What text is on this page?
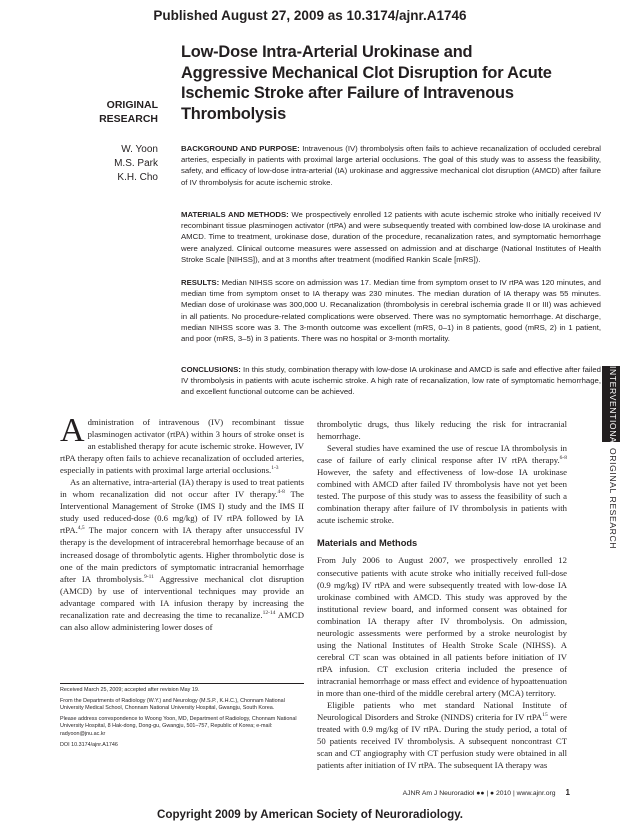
Published August 27, 2009 as 10.3174/ajnr.A1746
ORIGINAL
RESEARCH
W. Yoon
M.S. Park
K.H. Cho
Low-Dose Intra-Arterial Urokinase and
Aggressive Mechanical Clot Disruption for Acute
Ischemic Stroke after Failure of Intravenous
Thrombolysis
BACKGROUND AND PURPOSE: Intravenous (IV) thrombolysis often fails to achieve recanalization of occluded cerebral arteries, especially in patients with proximal large arterial occlusions. The goal of this study was to assess the feasibility, safety, and efficacy of low-dose intra-arterial (IA) urokinase and aggressive mechanical clot disruption (AMCD) after failure of IV thrombolysis for acute ischemic stroke.
MATERIALS AND METHODS: We prospectively enrolled 12 patients with acute ischemic stroke who initially received IV recombinant tissue plasminogen activator (rtPA) and were subsequently treated with combined low-dose IA urokinase and AMCD. Time to treatment, urokinase dose, duration of the procedure, recanalization rates, and symptomatic hemorrhage were analyzed. Clinical outcome measures were assessed on admission and at discharge (National Institutes of Health Stroke Scale [NIHSS]), and at 3 months after treatment (modified Rankin Scale [mRS]).
RESULTS: Median NIHSS score on admission was 17. Median time from symptom onset to IV rtPA was 120 minutes, and median time from symptom onset to IA therapy was 230 minutes. The median duration of IA therapy was 55 minutes. Median dose of urokinase was 300,000 U. Recanalization (thrombolysis in cerebral ischemia grade II or III) was achieved in all patients. No procedure-related complications were observed. There was no symptomatic hemorrhage. At discharge, median NIHSS score was 3. The 3-month outcome was excellent (mRS, 0–1) in 8 patients, good (mRS, 2) in 1 patient, and poor (mRS, 3–5) in 3 patients. There was no hospital or 3-month mortality.
CONCLUSIONS: In this study, combination therapy with low-dose IA urokinase and AMCD is safe and effective after failed IV thrombolysis in patients with acute ischemic stroke. A high rate of recanalization, low rate of symptomatic hemorrhage, and excellent functional outcome can be achieved.	INTERVENTIONAL
ORIGINAL RESEARCH

Administration of intravenous (IV) recombinant tissue plasminogen activator (rtPA) within 3 hours of stroke onset is an established therapy for acute ischemic stroke. However, IV rtPA therapy often fails to achieve recanalization of occluded arteries, especially in patients with proximal large arterial occlusions.$^{1-3}$

As an alternative, intra-arterial (IA) therapy is used to treat patients in whom recanalization did not occur after IV therapy.$^{4-8}$ The Interventional Management of Stroke (IMS I) study and the IMS II study used reduced-dose (0.6 mg/kg) of IV rtPA followed by IA rtPA.$^{4,5}$ The major concern with IA therapy after unsuccessful IV therapy is the development of intracerebral hemorrhage because of an increased dosage of thrombolytic agents. Higher thrombolytic dose is one of the main predictors of symptomatic intracranial hemorrhage after IA thrombolysis.$^{9-11}$ Aggressive mechanical clot disruption (AMCD) by use of interventional techniques may provide an advantage compared with IA infusion therapy by increasing the recanalization rate and decreasing the time to recanalize.$^{12-14}$ AMCD can also allow administering lower doses of

Received March 25, 2009; accepted after revision May 19.

From the Departments of Radiology (W.Y.) and Neurology (M.S.P., K.H.C.), Chonnam National University Medical School, Chonnam National University Hospital, Gwangju, South Korea.

Please address correspondence to Woong Yoon, MD, Department of Radiology, Chonnam National University Hospital, 8 Hak-dong, Dong-gu, Gwangju, 501–757, Republic of Korea; e-mail: radyoon@jnu.ac.kr

DOI 10.3174/ajnr.A1746

thrombolytic drugs, thus likely reducing the risk for intracranial hemorrhage.

Several studies have examined the use of rescue IA thrombolysis in case of failure of early clinical response after IV rtPA therapy.$^{6-8}$ However, the safety and effectiveness of low-dose IA urokinase combined with AMCD after failed IV thrombolysis have not yet been tested. The purpose of this study was to assess the feasibility of such a combination therapy after failure of IV thrombolysis in patients with acute ischemic stroke.

Materials and Methods

From July 2006 to August 2007, we prospectively enrolled 12 consecutive patients with acute stroke who initially received full-dose (0.9 mg/kg) IV rtPA and were subsequently treated with low-dose IA urokinase combined with AMCD. This study was approved by the institutional review board, and informed consent was obtained for combination IA therapy after IV thrombolysis. On admission, neurologic assessments were performed by a stroke neurologist by using the National Institutes of Health Stroke Scale (NIHSS). A cerebral CT scan was obtained in all patients before initiation of IV rtPA infusion. CT exclusion criteria included the presence of intracranial hemorrhage or mass effect and evidence of hypoattenuation in more than one-third of the middle cerebral artery (MCA) territory.

Eligible patients who met standard National Institute of Neurological Disorders and Stroke (NINDS) criteria for IV rtPA$^{15}$ were treated with 0.9 mg/kg of IV rtPA. During the study period, a total of 50 patients received IV thrombolysis. A subsequent noncontrast CT scan and CT angiography with CT perfusion study were obtained in all patients after initiation of IV rtPA. The subsequent IA therapy was

AJNR Am J Neuroradiol ●● | ● 2010 | www.ajnr.org 1
Copyright 2009 by American Society of Neuroradiology.
